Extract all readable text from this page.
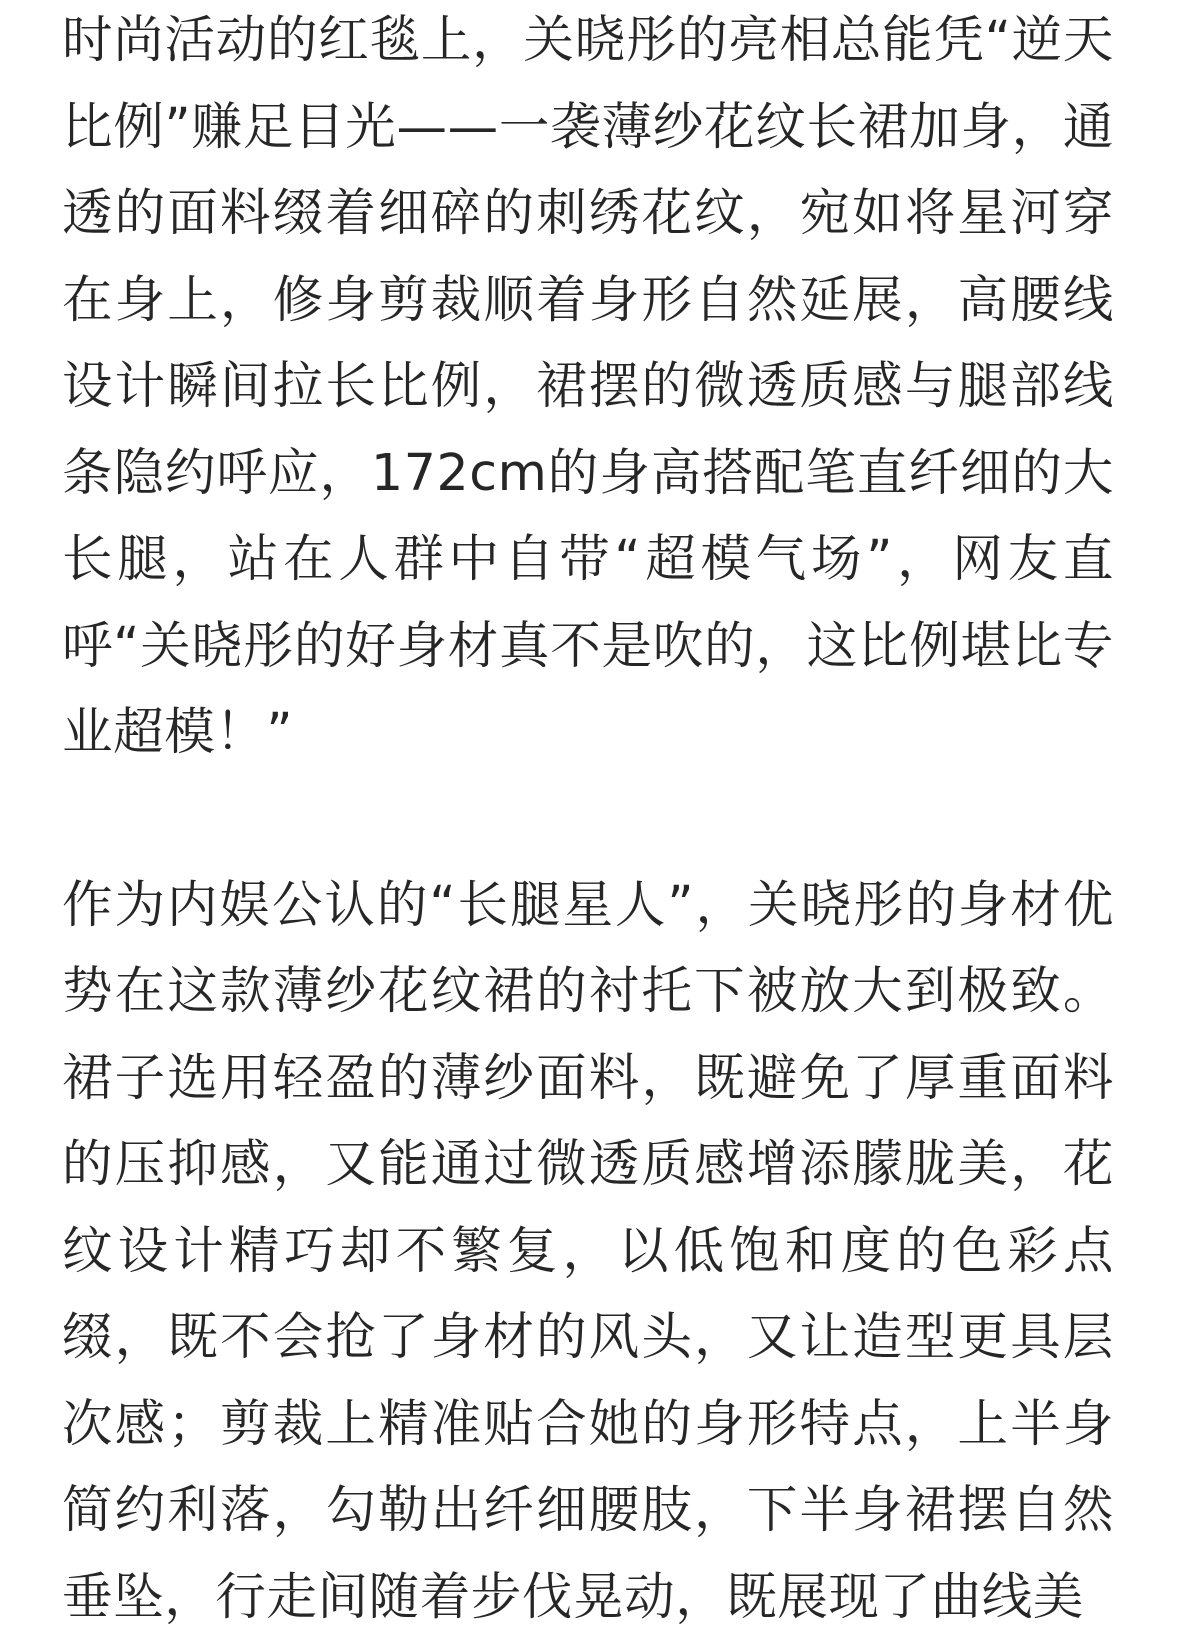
时尚活动的红毯上，关晓彤的亮相总能凭“逆天比例”赚足目光——一袭薄纱花纹长裙加身，通透的面料缀着细碎的刺绣花纹，宛如将星河穿在身上，修身剪裁顺着身形自然延展，高腰线设计瞬间拉长比例，裙摆的微透质感与腿部线条隐约呼应，172cm的身高搭配笔直纤细的大长腿，站在人群中自带“超模气场”，网友直呼“关晓彤的好身材真不是吹的，这比例堪比专业超模！”

作为内娱公认的“长腿星人”，关晓彤的身材优势在这款薄纱花纹裙的衬托下被放大到极致。裙子选用轻盈的薄纱面料，既避免了厚重面料的压抑感，又能通过微透质感增添朦胧美，花纹设计精巧却不繁复，以低饱和度的色彩点缀，既不会抢了身材的风头，又让造型更具层次感；剪裁上精准贴合她的身形特点，上半身简约利落，勾勒出纤细腰肢，下半身裙摆自然垂坠，行走间随着步伐晃动，既展现了曲线美
